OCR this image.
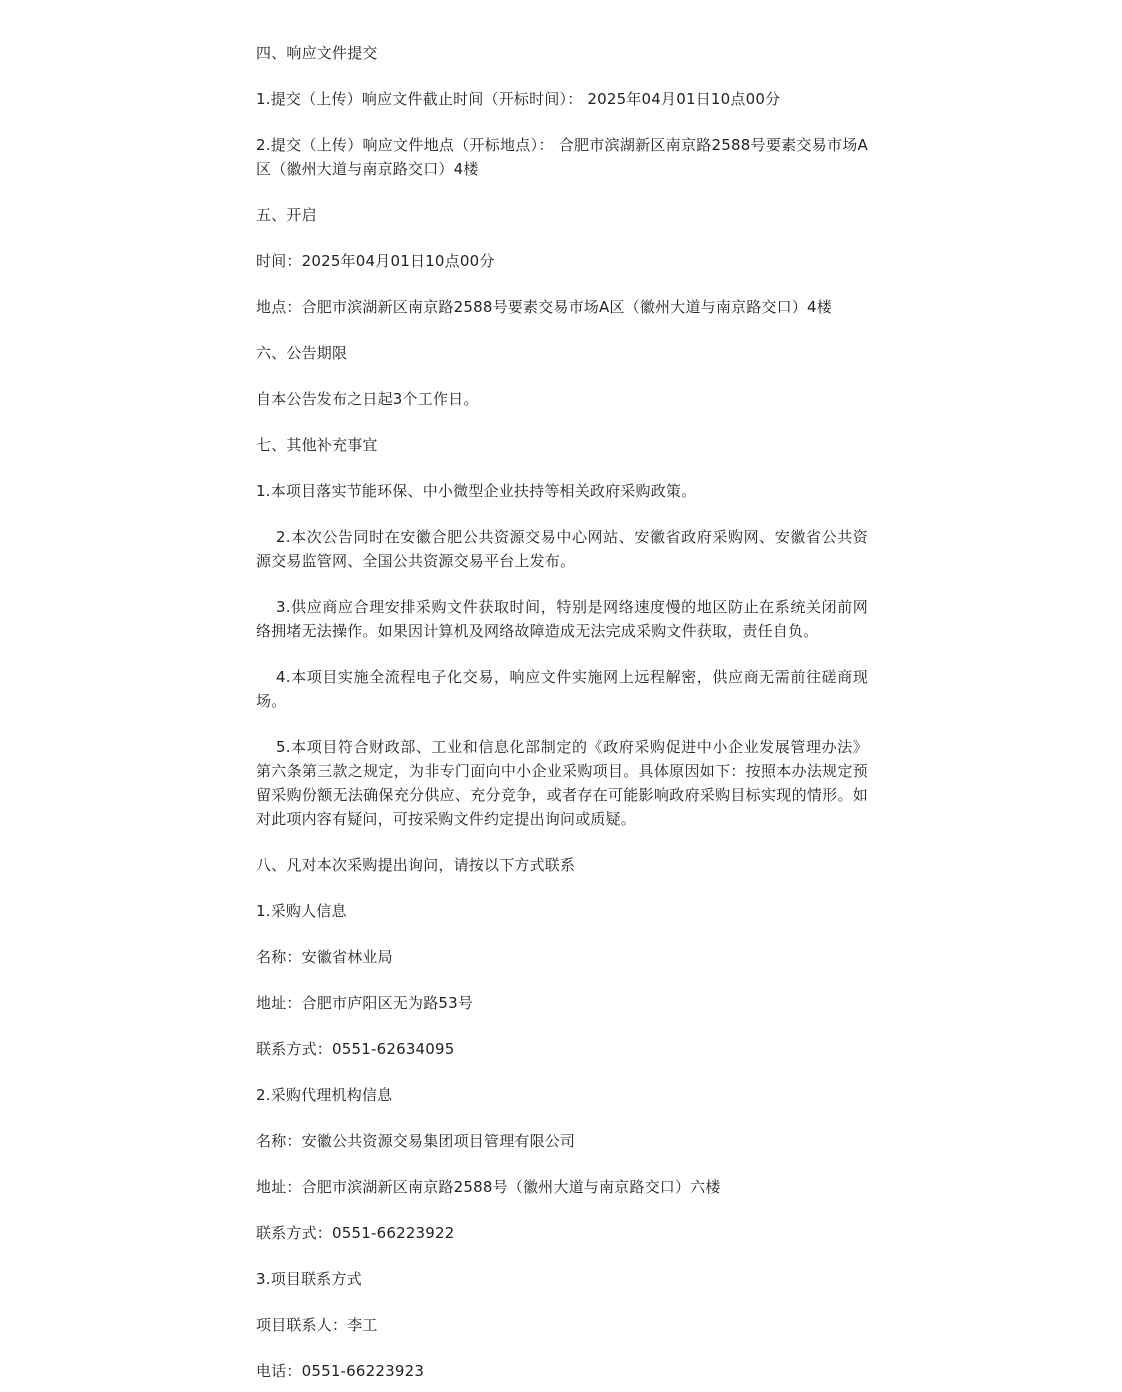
四、响应文件提交

1.提交（上传）响应文件截止时间（开标时间）： 2025年04月01日10点00分

2.提交（上传）响应文件地点（开标地点）： 合肥市滨湖新区南京路2588号要素交易市场A区（徽州大道与南京路交口）4楼

五、开启

时间：2025年04月01日10点00分

地点：合肥市滨湖新区南京路2588号要素交易市场A区（徽州大道与南京路交口）4楼

六、公告期限

自本公告发布之日起3个工作日。

七、其他补充事宜

1.本项目落实节能环保、中小微型企业扶持等相关政府采购政策。

2.本次公告同时在安徽合肥公共资源交易中心网站、安徽省政府采购网、安徽省公共资源交易监管网、全国公共资源交易平台上发布。

3.供应商应合理安排采购文件获取时间，特别是网络速度慢的地区防止在系统关闭前网络拥堵无法操作。如果因计算机及网络故障造成无法完成采购文件获取，责任自负。

4.本项目实施全流程电子化交易，响应文件实施网上远程解密，供应商无需前往磋商现场。

5.本项目符合财政部、工业和信息化部制定的《政府采购促进中小企业发展管理办法》第六条第三款之规定，为非专门面向中小企业采购项目。具体原因如下：按照本办法规定预留采购份额无法确保充分供应、充分竞争，或者存在可能影响政府采购目标实现的情形。如对此项内容有疑问，可按采购文件约定提出询问或质疑。

八、凡对本次采购提出询问，请按以下方式联系

1.采购人信息

名称：安徽省林业局

地址：合肥市庐阳区无为路53号

联系方式：0551-62634095

2.采购代理机构信息

名称：安徽公共资源交易集团项目管理有限公司

地址：合肥市滨湖新区南京路2588号（徽州大道与南京路交口）六楼

联系方式：0551-66223922

3.项目联系方式

项目联系人：李工

电话：0551-66223923
